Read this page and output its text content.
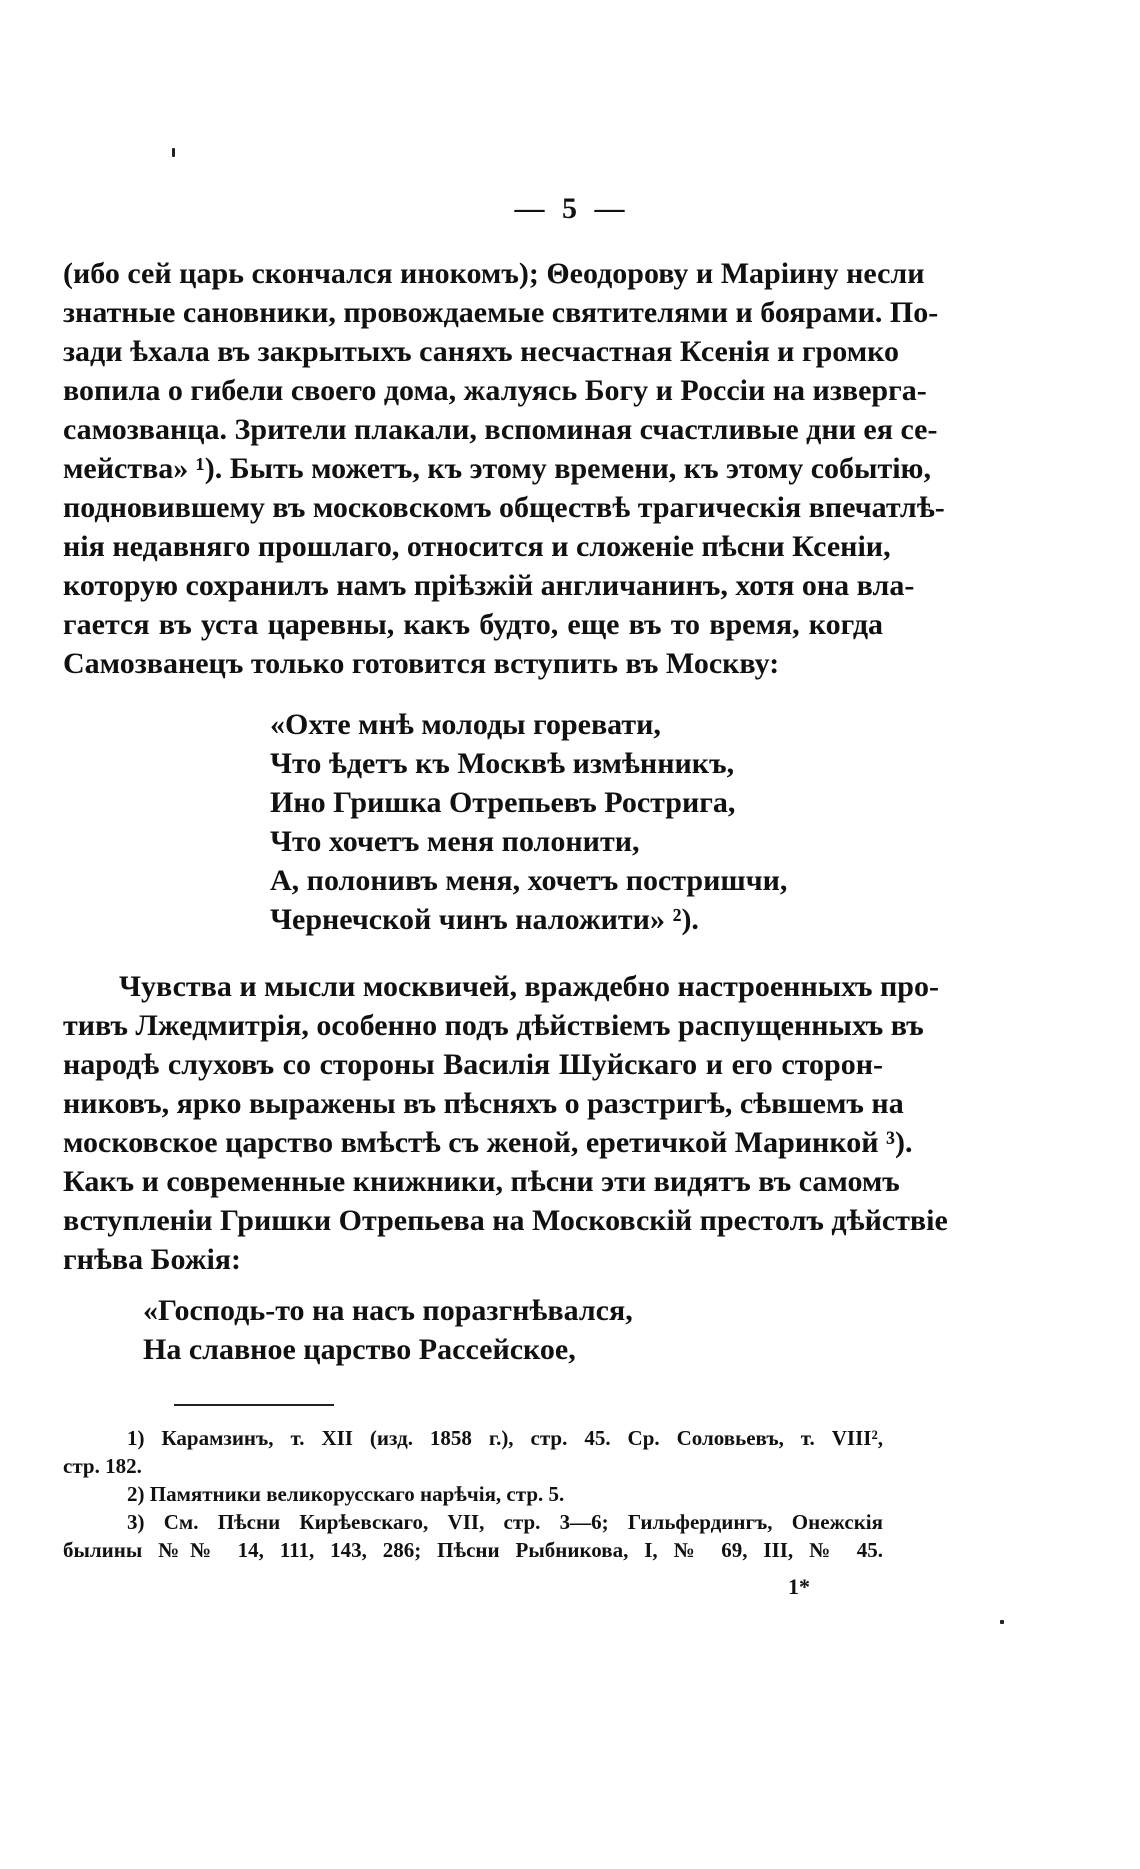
— 5 —
(ибо сей царь скончался инокомъ); Θеодорову и Маріину несли
знатные сановники, провождаемые святителями и боярами. По-
зади ѣхала въ закрытыхъ саняхъ несчастная Ксенія и громко
вопила о гибели своего дома, жалуясь Богу и Россіи на изверга-
самозванца. Зрители плакали, вспоминая счастливые дни ея се-
мейства» ¹). Быть можетъ, къ этому времени, къ этому событію,
подновившему въ московскомъ обществѣ трагическія впечатлѣ-
нія недавняго прошлаго, относится и сложеніе пѣсни Ксеніи,
которую сохранилъ намъ пріѣзжій англичанинъ, хотя она вла-
гается въ уста царевны, какъ будто, еще въ то время, когда
Самозванецъ только готовится вступить въ Москву:
«Охте мнѣ молоды горевати,
Что ѣдетъ къ Москвѣ измѣнникъ,
Ино Гришка Отрепьевъ Рострига,
Что хочетъ меня полонити,
А, полонивъ меня, хочетъ постришчи,
Чернечской чинъ наложити» ²).
Чувства и мысли москвичей, враждебно настроенныхъ про-
тивъ Лжедмитрія, особенно подъ дѣйствіемъ распущенныхъ въ
народѣ слуховъ со стороны Василія Шуйскаго и его сторон-
никовъ, ярко выражены въ пѣсняхъ о разстригѣ, сѣвшемъ на
московское царство вмѣстѣ съ женой, еретичкой Маринкой ³).
Какъ и современные книжники, пѣсни эти видятъ въ самомъ
вступленіи Гришки Отрепьева на Московскій престолъ дѣйствіе
гнѣва Божія:
«Господь-то на насъ поразгнѣвался,
На славное царство Рассейское,
1) Карамзинъ, т. XII (изд. 1858 г.), стр. 45. Ср. Соловьевъ, т. VIII²,
стр. 182.
2) Памятники великорусскаго нарѣчія, стр. 5.
3) См. Пѣсни Кирѣевскаго, VII, стр. 3—6; Гильфердингъ, Онежскія
былины №№ 14, 111, 143, 286; Пѣсни Рыбникова, I, № 69, III, № 45.
1*
